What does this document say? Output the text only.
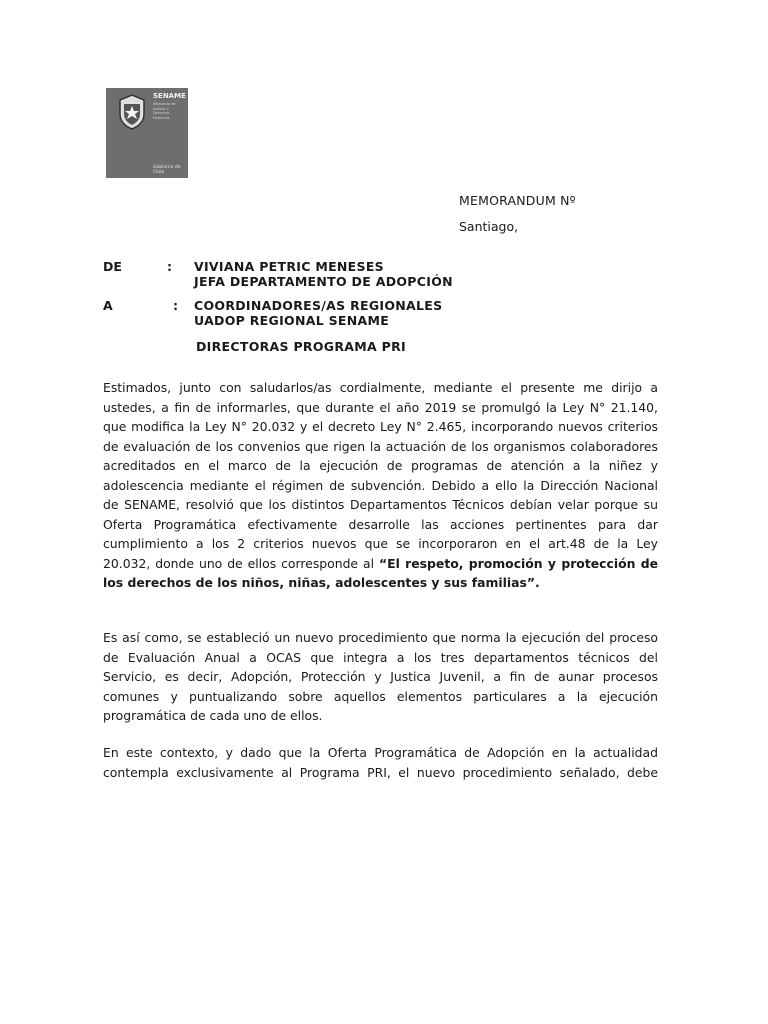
SENAME
Ministerio de Justicia y Derechos Humanos
Gobierno de Chile
MEMORANDUM Nº
Santiago,
DE	: VIVIANA PETRIC MENESES
JEFA DEPARTAMENTO DE ADOPCIÓN
A	: COORDINADORES/AS REGIONALES
UADOP REGIONAL SENAME
DIRECTORAS PROGRAMA PRI
Estimados, junto con saludarlos/as cordialmente, mediante el presente me dirijo a
ustedes, a fin de informarles, que durante el año 2019 se promulgó la Ley N° 21.140,
que modifica la Ley N° 20.032 y el decreto Ley N° 2.465, incorporando nuevos criterios
de evaluación de los convenios que rigen la actuación de los organismos colaboradores
acreditados en el marco de la ejecución de programas de atención a la niñez y
adolescencia mediante el régimen de subvención. Debido a ello la Dirección Nacional
de SENAME, resolvió que los distintos Departamentos Técnicos debían velar porque su
Oferta Programática efectivamente desarrolle las acciones pertinentes para dar
cumplimiento a los 2 criterios nuevos que se incorporaron en el art.48 de la Ley
20.032, donde uno de ellos corresponde al “El respeto, promoción y protección de
los derechos de los niños, niñas, adolescentes y sus familias”.
Es así como, se estableció un nuevo procedimiento que norma la ejecución del proceso
de Evaluación Anual a OCAS que integra a los tres departamentos técnicos del
Servicio, es decir, Adopción, Protección y Justica Juvenil, a fin de aunar procesos
comunes y puntualizando sobre aquellos elementos particulares a la ejecución
programática de cada uno de ellos.
En este contexto, y dado que la Oferta Programática de Adopción en la actualidad
contempla exclusivamente al Programa PRI, el nuevo procedimiento señalado, debe
